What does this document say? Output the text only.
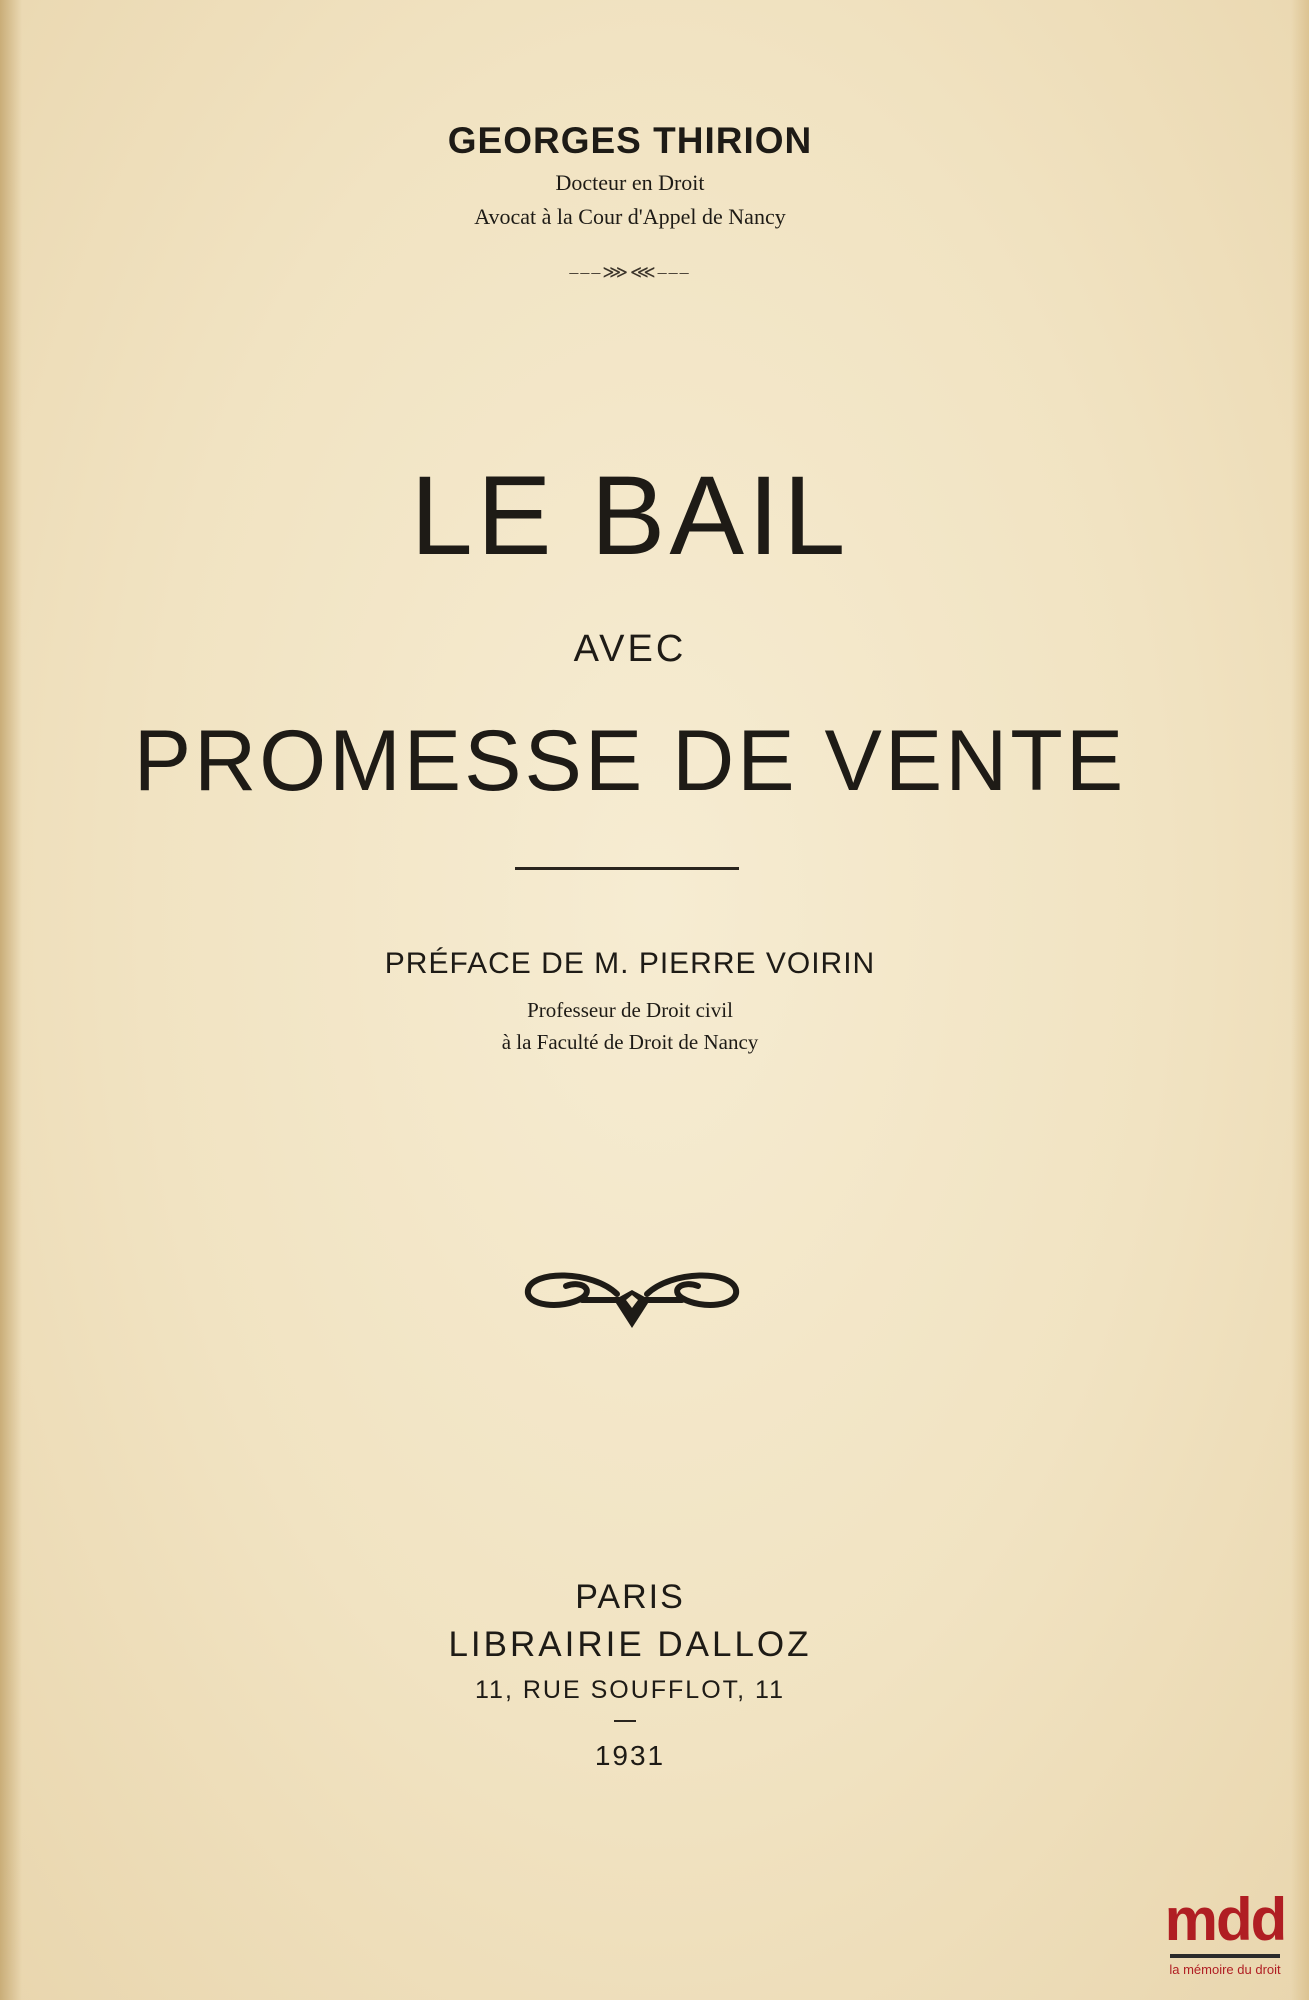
GEORGES THIRION
Docteur en Droit
Avocat à la Cour d'Appel de Nancy
–––⋙⋘–––
LE BAIL
AVEC
PROMESSE DE VENTE
PRÉFACE DE M. PIERRE VOIRIN
Professeur de Droit civil
à la Faculté de Droit de Nancy
PARIS
LIBRAIRIE DALLOZ
11, RUE SOUFFLOT, 11
1931
mdd
la mémoire du droit
